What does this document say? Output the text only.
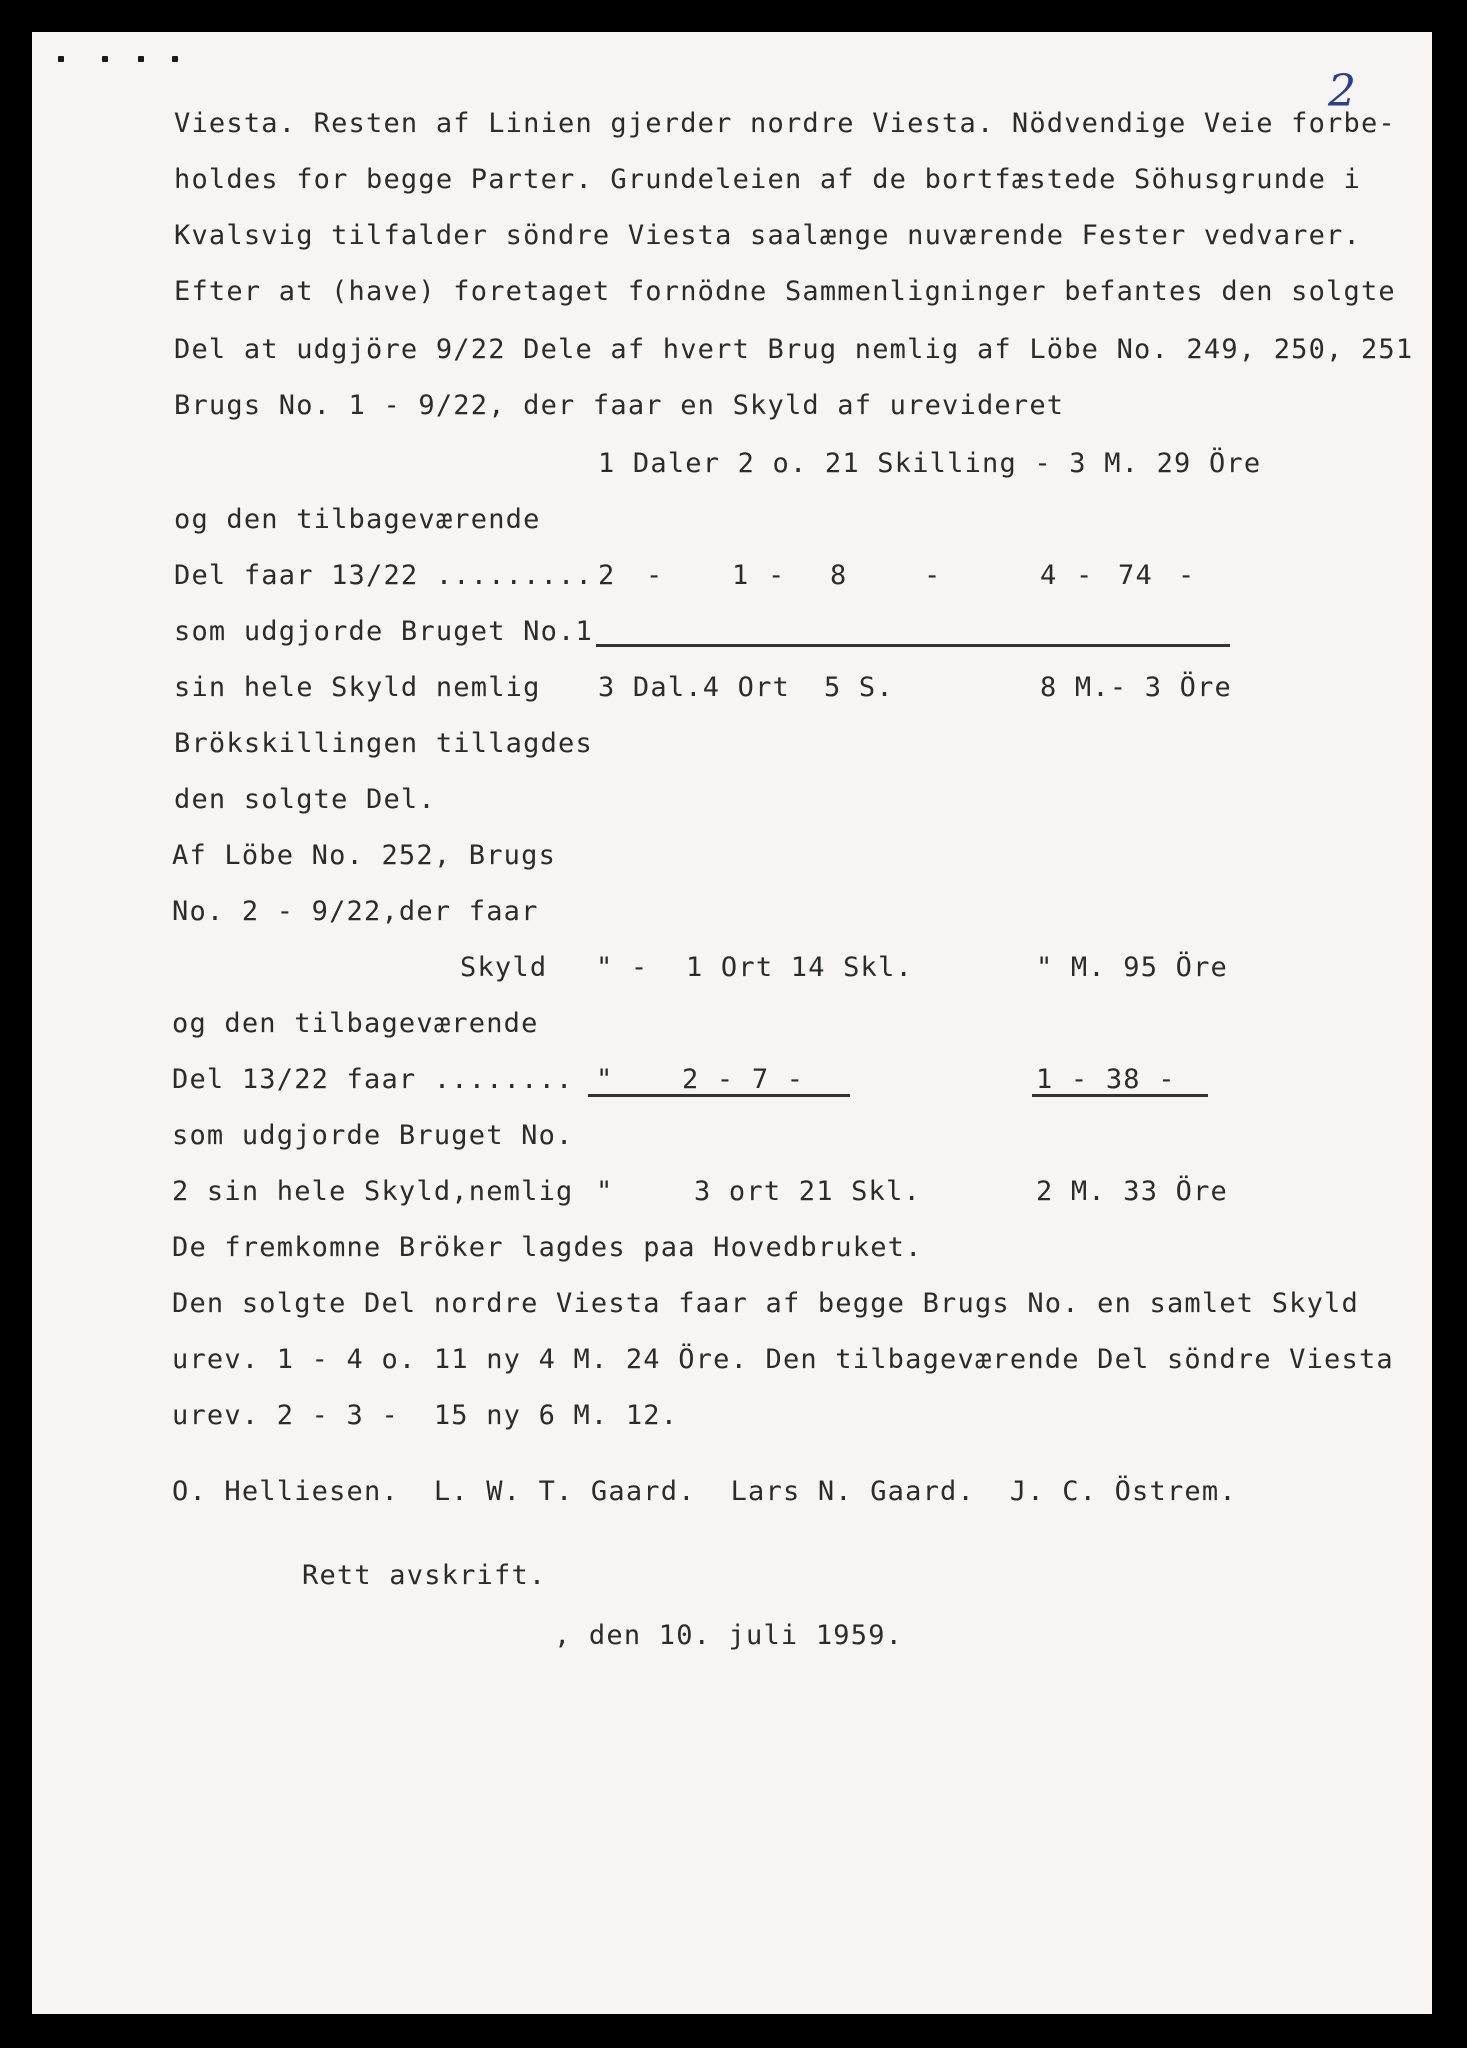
2
Viesta. Resten af Linien gjerder nordre Viesta. Nödvendige Veie forbe-
holdes for begge Parter. Grundeleien af de bortfæstede Söhusgrunde i
Kvalsvig tilfalder söndre Viesta saalænge nuværende Fester vedvarer.
Efter at (have) foretaget fornödne Sammenligninger befantes den solgte
Del at udgjöre 9/22 Dele af hvert Brug nemlig af Löbe No. 249, 250, 251
Brugs No. 1 - 9/22, der faar en Skyld af urevideret
1 Daler 2 o. 21 Skilling - 3 M. 29 Öre
og den tilbageværende
Del faar 13/22 ......... 2 -	1 - 8	-	4 - 74 -
som udgjorde Bruget No.1
sin hele Skyld nemlig 3 Dal.4 Ort 5 S.	8 M.- 3 Öre
Brökskillingen tillagdes
den solgte Del.
Af Löbe No. 252, Brugs
No. 2 - 9/22,der faar
Skyld " - 1 Ort 14 Skl.	" M. 95 Öre
og den tilbageværende
Del 13/22 faar ........ "	2 - 7 -	1 - 38 -
som udgjorde Bruget No.
2 sin hele Skyld,nemlig "	3 ort 21 Skl.	2 M. 33 Öre
De fremkomne Bröker lagdes paa Hovedbruket.
Den solgte Del nordre Viesta faar af begge Brugs No. en samlet Skyld
urev. 1 - 4 o. 11 ny 4 M. 24 Öre. Den tilbageværende Del söndre Viesta
urev. 2 - 3 -  15 ny 6 M. 12.
O. Helliesen.  L. W. T. Gaard.  Lars N. Gaard.  J. C. Östrem.
Rett avskrift.
, den 10. juli 1959.
